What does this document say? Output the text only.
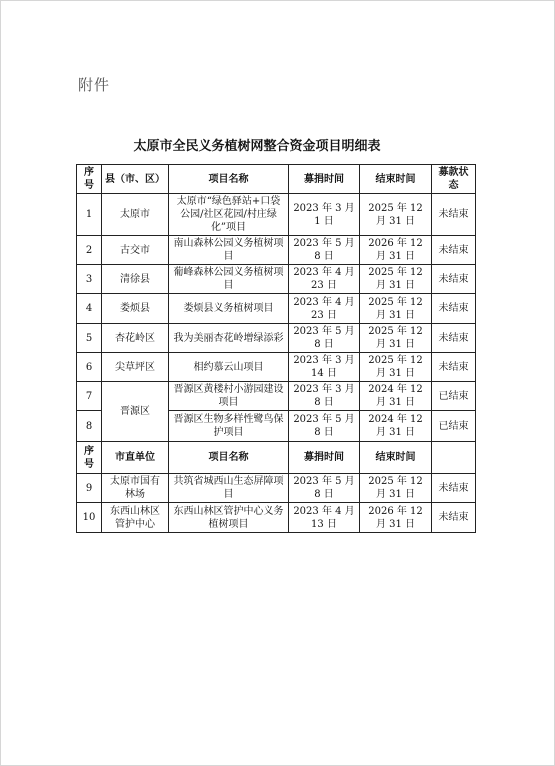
附件
太原市全民义务植树网整合资金项目明细表
序号	县（市、区）	项目名称	募捐时间	结束时间	募款状态
1	太原市	太原市“绿色驿站+口袋公园/社区花园/村庄绿化”项目	2023 年 3 月 1 日	2025 年 12 月 31 日	未结束
2	古交市	南山森林公园义务植树项目	2023 年 5 月 8 日	2026 年 12 月 31 日	未结束
3	清徐县	葡峰森林公园义务植树项目	2023 年 4 月 23 日	2025 年 12 月 31 日	未结束
4	娄烦县	娄烦县义务植树项目	2023 年 4 月 23 日	2025 年 12 月 31 日	未结束
5	杏花岭区	我为美丽杏花岭增绿添彩	2023 年 5 月 8 日	2025 年 12 月 31 日	未结束
6	尖草坪区	相约慕云山项目	2023 年 3 月 14 日	2025 年 12 月 31 日	未结束
7	晋源区	晋源区黄楼村小游园建设项目	2023 年 3 月 8 日	2024 年 12 月 31 日	已结束
8		晋源区生物多样性鹭鸟保护项目	2023 年 5 月 8 日	2024 年 12 月 31 日	已结束
序号	市直单位	项目名称	募捐时间	结束时间	
9	太原市国有林场	共筑省城西山生态屏障项目	2023 年 5 月 8 日	2025 年 12 月 31 日	未结束
10	东西山林区管护中心	东西山林区管护中心义务植树项目	2023 年 4 月 13 日	2026 年 12 月 31 日	未结束
